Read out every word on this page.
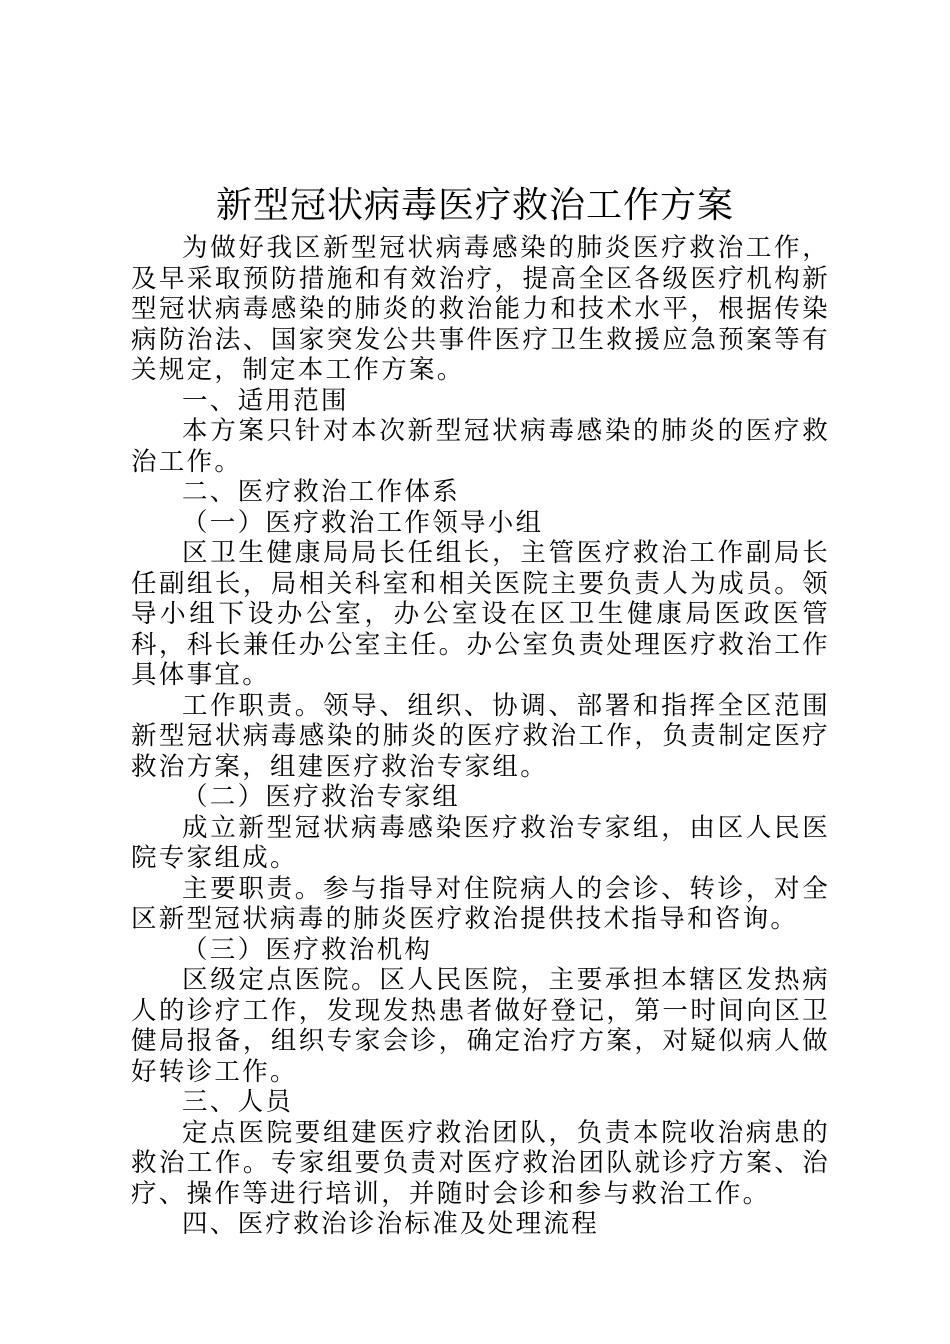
新型冠状病毒医疗救治工作方案

为做好我区新型冠状病毒感染的肺炎医疗救治工作，及早采取预防措施和有效治疗，提高全区各级医疗机构新型冠状病毒感染的肺炎的救治能力和技术水平，根据传染病防治法、国家突发公共事件医疗卫生救援应急预案等有关规定，制定本工作方案。

一、适用范围

本方案只针对本次新型冠状病毒感染的肺炎的医疗救治工作。

二、医疗救治工作体系

（一）医疗救治工作领导小组

区卫生健康局局长任组长，主管医疗救治工作副局长任副组长，局相关科室和相关医院主要负责人为成员。领导小组下设办公室，办公室设在区卫生健康局医政医管科，科长兼任办公室主任。办公室负责处理医疗救治工作具体事宜。

工作职责。领导、组织、协调、部署和指挥全区范围新型冠状病毒感染的肺炎的医疗救治工作，负责制定医疗救治方案，组建医疗救治专家组。

（二）医疗救治专家组

成立新型冠状病毒感染医疗救治专家组，由区人民医院专家组成。

主要职责。参与指导对住院病人的会诊、转诊，对全区新型冠状病毒的肺炎医疗救治提供技术指导和咨询。

（三）医疗救治机构

区级定点医院。区人民医院，主要承担本辖区发热病人的诊疗工作，发现发热患者做好登记，第一时间向区卫健局报备，组织专家会诊，确定治疗方案，对疑似病人做好转诊工作。

三、人员

定点医院要组建医疗救治团队，负责本院收治病患的救治工作。专家组要负责对医疗救治团队就诊疗方案、治疗、操作等进行培训，并随时会诊和参与救治工作。

四、医疗救治诊治标准及处理流程
